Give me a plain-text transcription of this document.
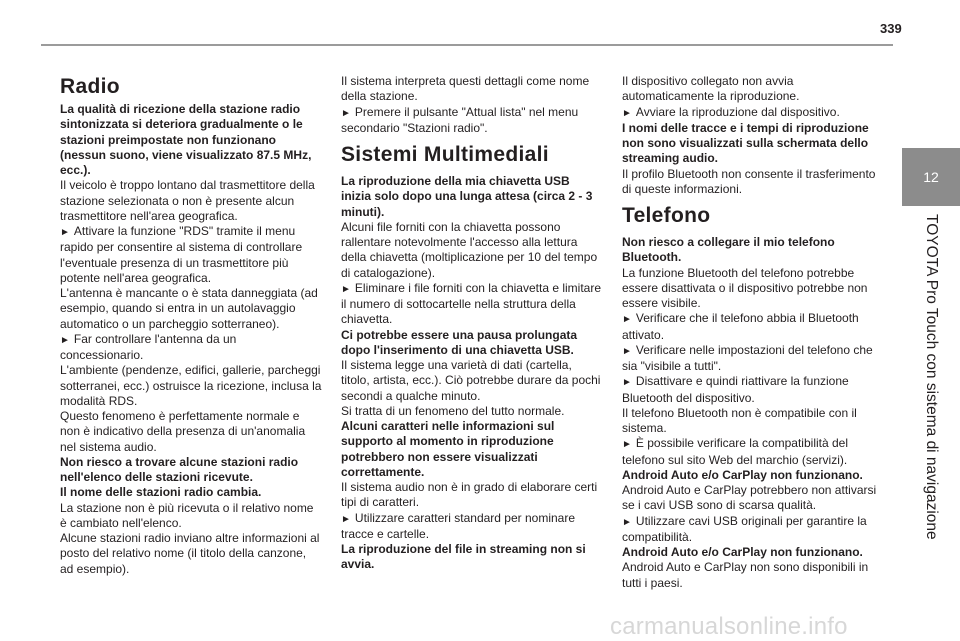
339
12
TOYOTA Pro Touch con sistema di navigazione
Radio

La qualità di ricezione della stazione radio sintonizzata si deteriora gradualmente o le stazioni preimpostate non funzionano (nessun suono, viene visualizzato 87.5 MHz, ecc.).

Il veicolo è troppo lontano dal trasmettitore della stazione selezionata o non è presente alcun trasmettitore nell'area geografica.

► Attivare la funzione "RDS" tramite il menu rapido per consentire al sistema di controllare l'eventuale presenza di un trasmettitore più potente nell'area geografica.

L'antenna è mancante o è stata danneggiata (ad esempio, quando si entra in un autolavaggio automatico o un parcheggio sotterraneo).

► Far controllare l'antenna da un concessionario.

L'ambiente (pendenze, edifici, gallerie, parcheggi sotterranei, ecc.) ostruisce la ricezione, inclusa la modalità RDS.

Questo fenomeno è perfettamente normale e non è indicativo della presenza di un'anomalia nel sistema audio.

Non riesco a trovare alcune stazioni radio nell'elenco delle stazioni ricevute.

Il nome delle stazioni radio cambia.

La stazione non è più ricevuta o il relativo nome è cambiato nell'elenco.

Alcune stazioni radio inviano altre informazioni al posto del relativo nome (il titolo della canzone, ad esempio).

Il sistema interpreta questi dettagli come nome della stazione.

► Premere il pulsante "Attual lista" nel menu secondario "Stazioni radio".

Sistemi Multimediali

La riproduzione della mia chiavetta USB inizia solo dopo una lunga attesa (circa 2 - 3 minuti).

Alcuni file forniti con la chiavetta possono rallentare notevolmente l'accesso alla lettura della chiavetta (moltiplicazione per 10 del tempo di catalogazione).

► Eliminare i file forniti con la chiavetta e limitare il numero di sottocartelle nella struttura della chiavetta.

Ci potrebbe essere una pausa prolungata dopo l'inserimento di una chiavetta USB.

Il sistema legge una varietà di dati (cartella, titolo, artista, ecc.). Ciò potrebbe durare da pochi secondi a qualche minuto.

Si tratta di un fenomeno del tutto normale.

Alcuni caratteri nelle informazioni sul supporto al momento in riproduzione potrebbero non essere visualizzati correttamente.

Il sistema audio non è in grado di elaborare certi tipi di caratteri.

► Utilizzare caratteri standard per nominare tracce e cartelle.

La riproduzione del file in streaming non si avvia.

Il dispositivo collegato non avvia automaticamente la riproduzione.

► Avviare la riproduzione dal dispositivo.

I nomi delle tracce e i tempi di riproduzione non sono visualizzati sulla schermata dello streaming audio.

Il profilo Bluetooth non consente il trasferimento di queste informazioni.

Telefono

Non riesco a collegare il mio telefono Bluetooth.

La funzione Bluetooth del telefono potrebbe essere disattivata o il dispositivo potrebbe non essere visibile.

► Verificare che il telefono abbia il Bluetooth attivato.

► Verificare nelle impostazioni del telefono che sia "visibile a tutti".

► Disattivare e quindi riattivare la funzione Bluetooth del dispositivo.

Il telefono Bluetooth non è compatibile con il sistema.

► È possibile verificare la compatibilità del telefono sul sito Web del marchio (servizi).

Android Auto e/o CarPlay non funzionano.

Android Auto e CarPlay potrebbero non attivarsi se i cavi USB sono di scarsa qualità.

► Utilizzare cavi USB originali per garantire la compatibilità.

Android Auto e/o CarPlay non funzionano.

Android Auto e CarPlay non sono disponibili in tutti i paesi.

carmanualsonline.info
